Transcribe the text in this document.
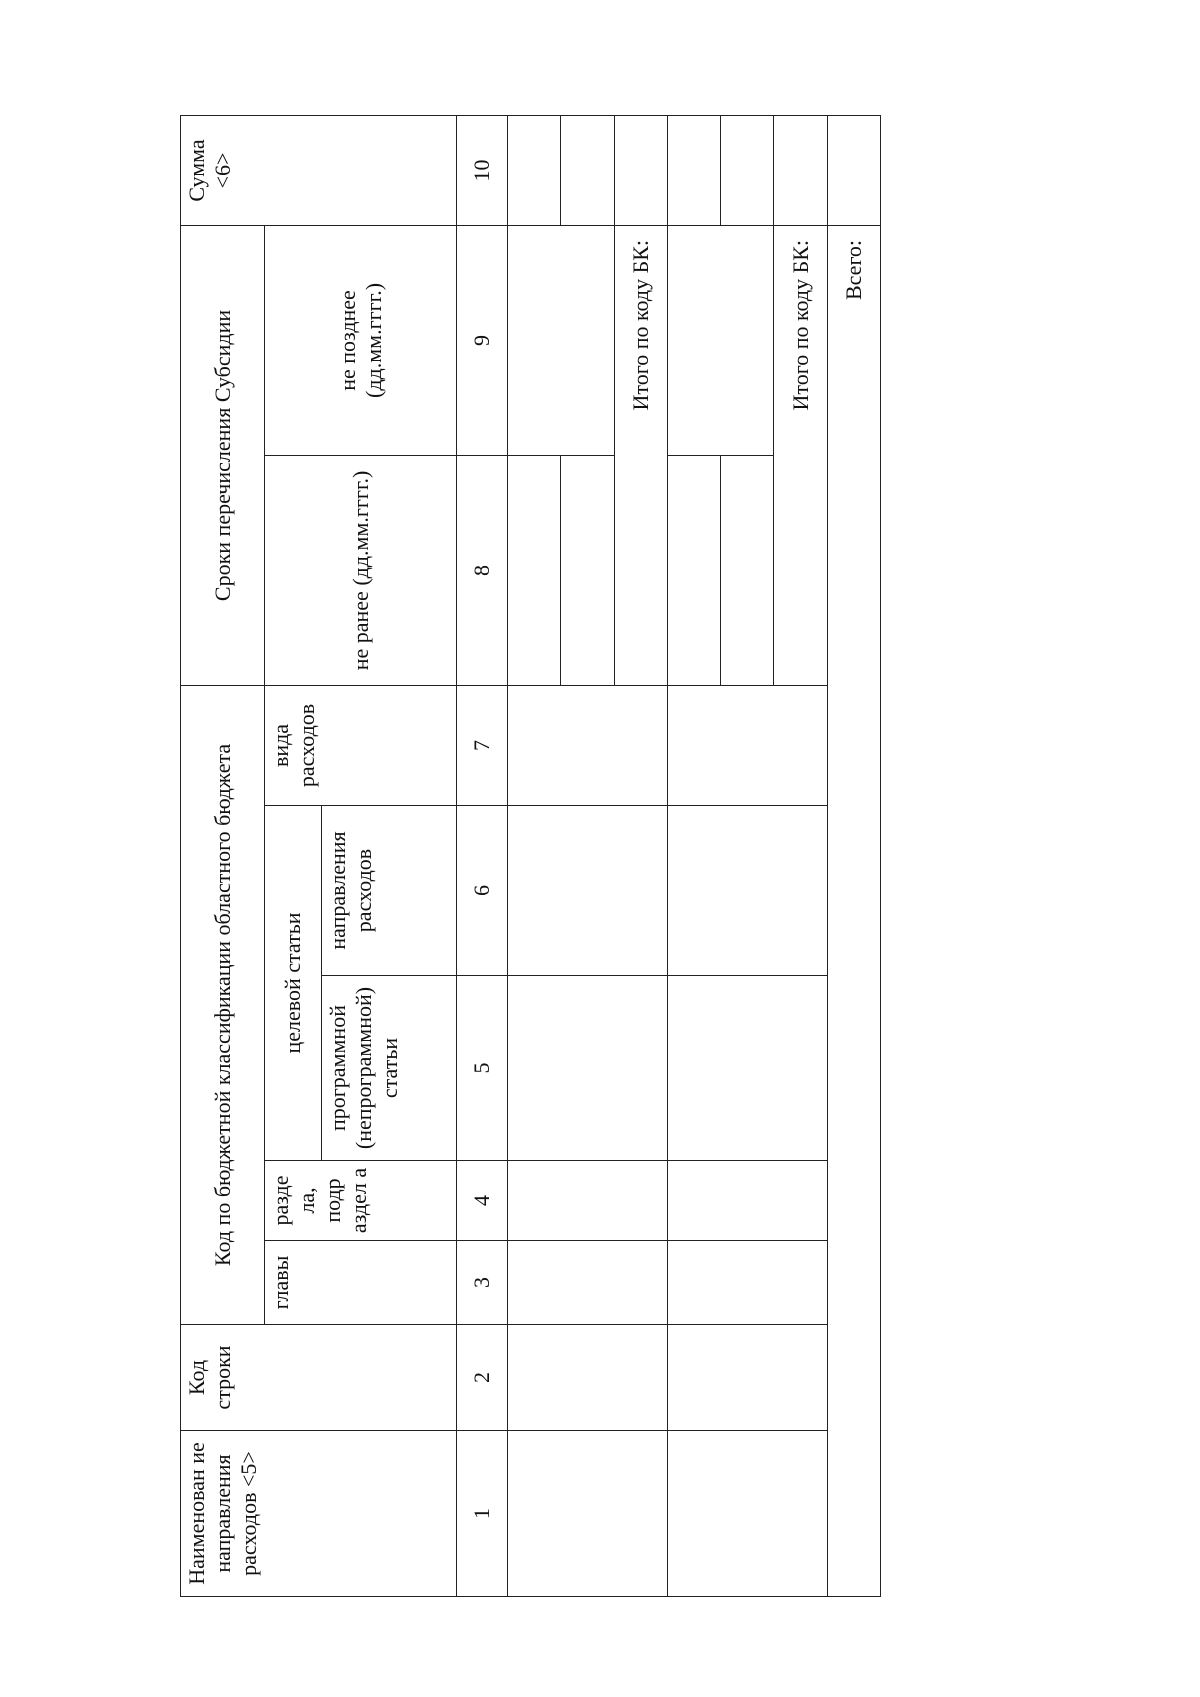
Наименован ие направления расходов <5>	Код строки	Код по бюджетной классификации областного бюджета					Сроки перечисления Субсидии		Сумма <6>
		главы	разде ла, подр аздел а	целевой статьи		вида расходов	не ранее (дд.мм.гггг.)	не позднее (дд.мм.гггг.)	
				программной (непрограммной) статьи	направления расходов				
1	2	3	4	5	6	7	8	9	10

							Итого по коду БК:		

							Итого по коду БК:		
Всего:									
